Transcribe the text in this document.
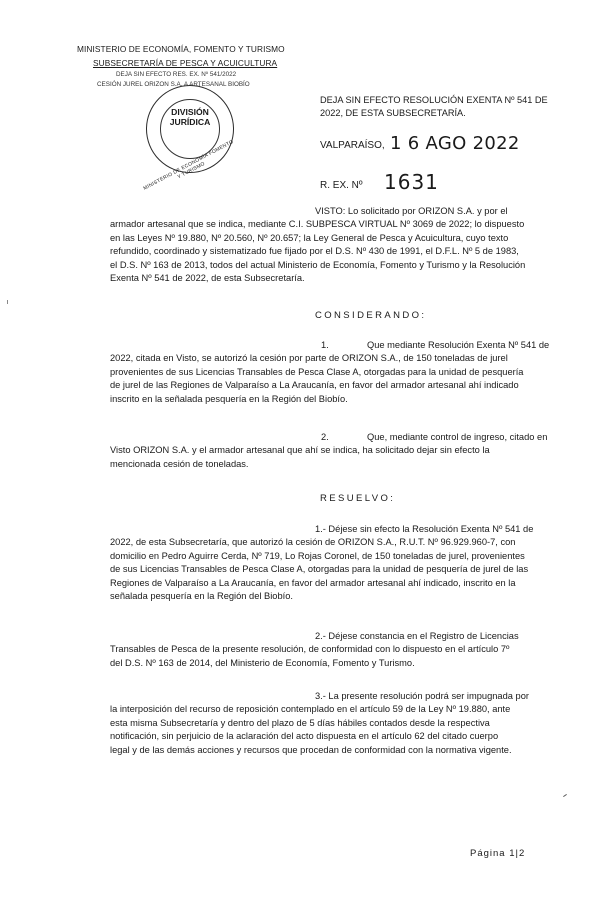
MINISTERIO DE ECONOMÍA, FOMENTO Y TURISMO
SUBSECRETARÍA DE PESCA Y ACUICULTURA
DEJA SIN EFECTO RES. EX. Nº 541/2022
CESIÓN JUREL ORIZON S.A. A ARTESANAL BIOBÍO
DIVISIÓN
JURÍDICA
MINISTERIO DE ECONOMÍA FOMENTO Y TURISMO
DEJA SIN EFECTO RESOLUCIÓN EXENTA Nº 541 DE
2022, DE ESTA SUBSECRETARÍA.
VALPARAÍSO, 1 6 AGO 2022
R. EX. Nº 1631
VISTO: Lo solicitado por ORIZON S.A. y por el
armador artesanal que se indica, mediante C.I. SUBPESCA VIRTUAL Nº 3069 de 2022; lo dispuesto
en las Leyes Nº 19.880, Nº 20.560, Nº 20.657; la Ley General de Pesca y Acuicultura, cuyo texto
refundido, coordinado y sistematizado fue fijado por el D.S. Nº 430 de 1991, el D.F.L. Nº 5 de 1983,
el D.S. Nº 163 de 2013, todos del actual Ministerio de Economía, Fomento y Turismo y la Resolución
Exenta Nº 541 de 2022, de esta Subsecretaría.
CONSIDERANDO:
1.	Que mediante Resolución Exenta Nº 541 de
2022, citada en Visto, se autorizó la cesión por parte de ORIZON S.A., de 150 toneladas de jurel
provenientes de sus Licencias Transables de Pesca Clase A, otorgadas para la unidad de pesquería
de jurel de las Regiones de Valparaíso a La Araucanía, en favor del armador artesanal ahí indicado
inscrito en la señalada pesquería en la Región del Biobío.
2.	Que, mediante control de ingreso, citado en
Visto ORIZON S.A. y el armador artesanal que ahí se indica, ha solicitado dejar sin efecto la
mencionada cesión de toneladas.
RESUELVO:
1.- Déjese sin efecto la Resolución Exenta Nº 541 de
2022, de esta Subsecretaría, que autorizó la cesión de ORIZON S.A., R.U.T. Nº 96.929.960-7, con
domicilio en Pedro Aguirre Cerda, Nº 719, Lo Rojas Coronel, de 150 toneladas de jurel, provenientes
de sus Licencias Transables de Pesca Clase A, otorgadas para la unidad de pesquería de jurel de las
Regiones de Valparaíso a La Araucanía, en favor del armador artesanal ahí indicado, inscrito en la
señalada pesquería en la Región del Biobío.
2.- Déjese constancia en el Registro de Licencias
Transables de Pesca de la presente resolución, de conformidad con lo dispuesto en el artículo 7º
del D.S. Nº 163 de 2014, del Ministerio de Economía, Fomento y Turismo.
3.- La presente resolución podrá ser impugnada por
la interposición del recurso de reposición contemplado en el artículo 59 de la Ley Nº 19.880, ante
esta misma Subsecretaría y dentro del plazo de 5 días hábiles contados desde la respectiva
notificación, sin perjuicio de la aclaración del acto dispuesta en el artículo 62 del citado cuerpo
legal y de las demás acciones y recursos que procedan de conformidad con la normativa vigente.
Página 1|2
